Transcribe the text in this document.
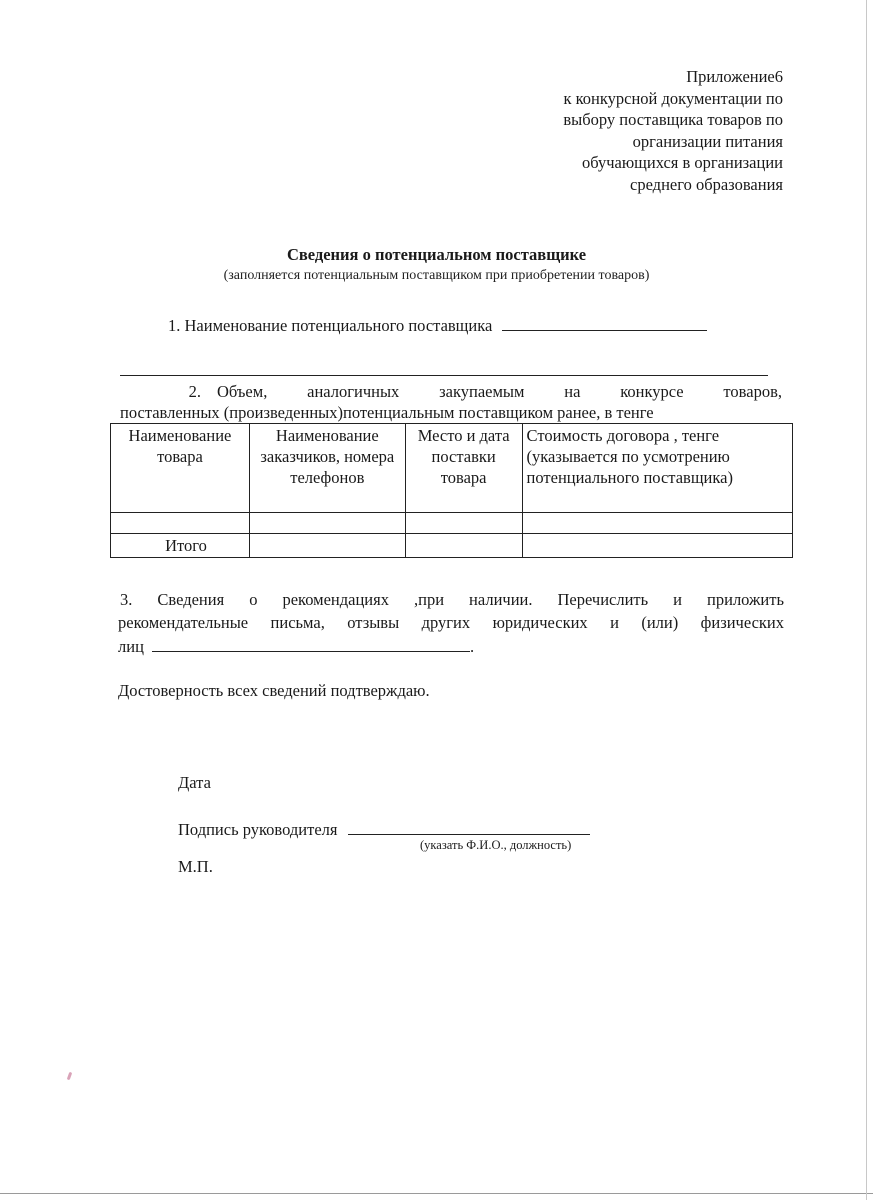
Приложение6
к конкурсной документации по
выбору поставщика товаров по
организации питания
обучающихся в организации
среднего образования
Сведения о потенциальном поставщике
(заполняется потенциальным поставщиком при приобретении товаров)
1. Наименование потенциального поставщика
2. Объем, аналогичных закупаемым на конкурсе товаров,
поставленных (произведенных)потенциальным поставщиком ранее, в тенге
Наименование товара	Наименование заказчиков, номера телефонов	Место и дата поставки товара	Стоимость договора , тенге (указывается по усмотрению потенциального поставщика)

Итого			
3. Сведения о рекомендациях ,при наличии. Перечислить и приложить
рекомендательные письма, отзывы других юридических и (или) физических
лиц	.
Достоверность всех сведений подтверждаю.
Дата
Подпись руководителя
(указать Ф.И.О., должность)
М.П.
